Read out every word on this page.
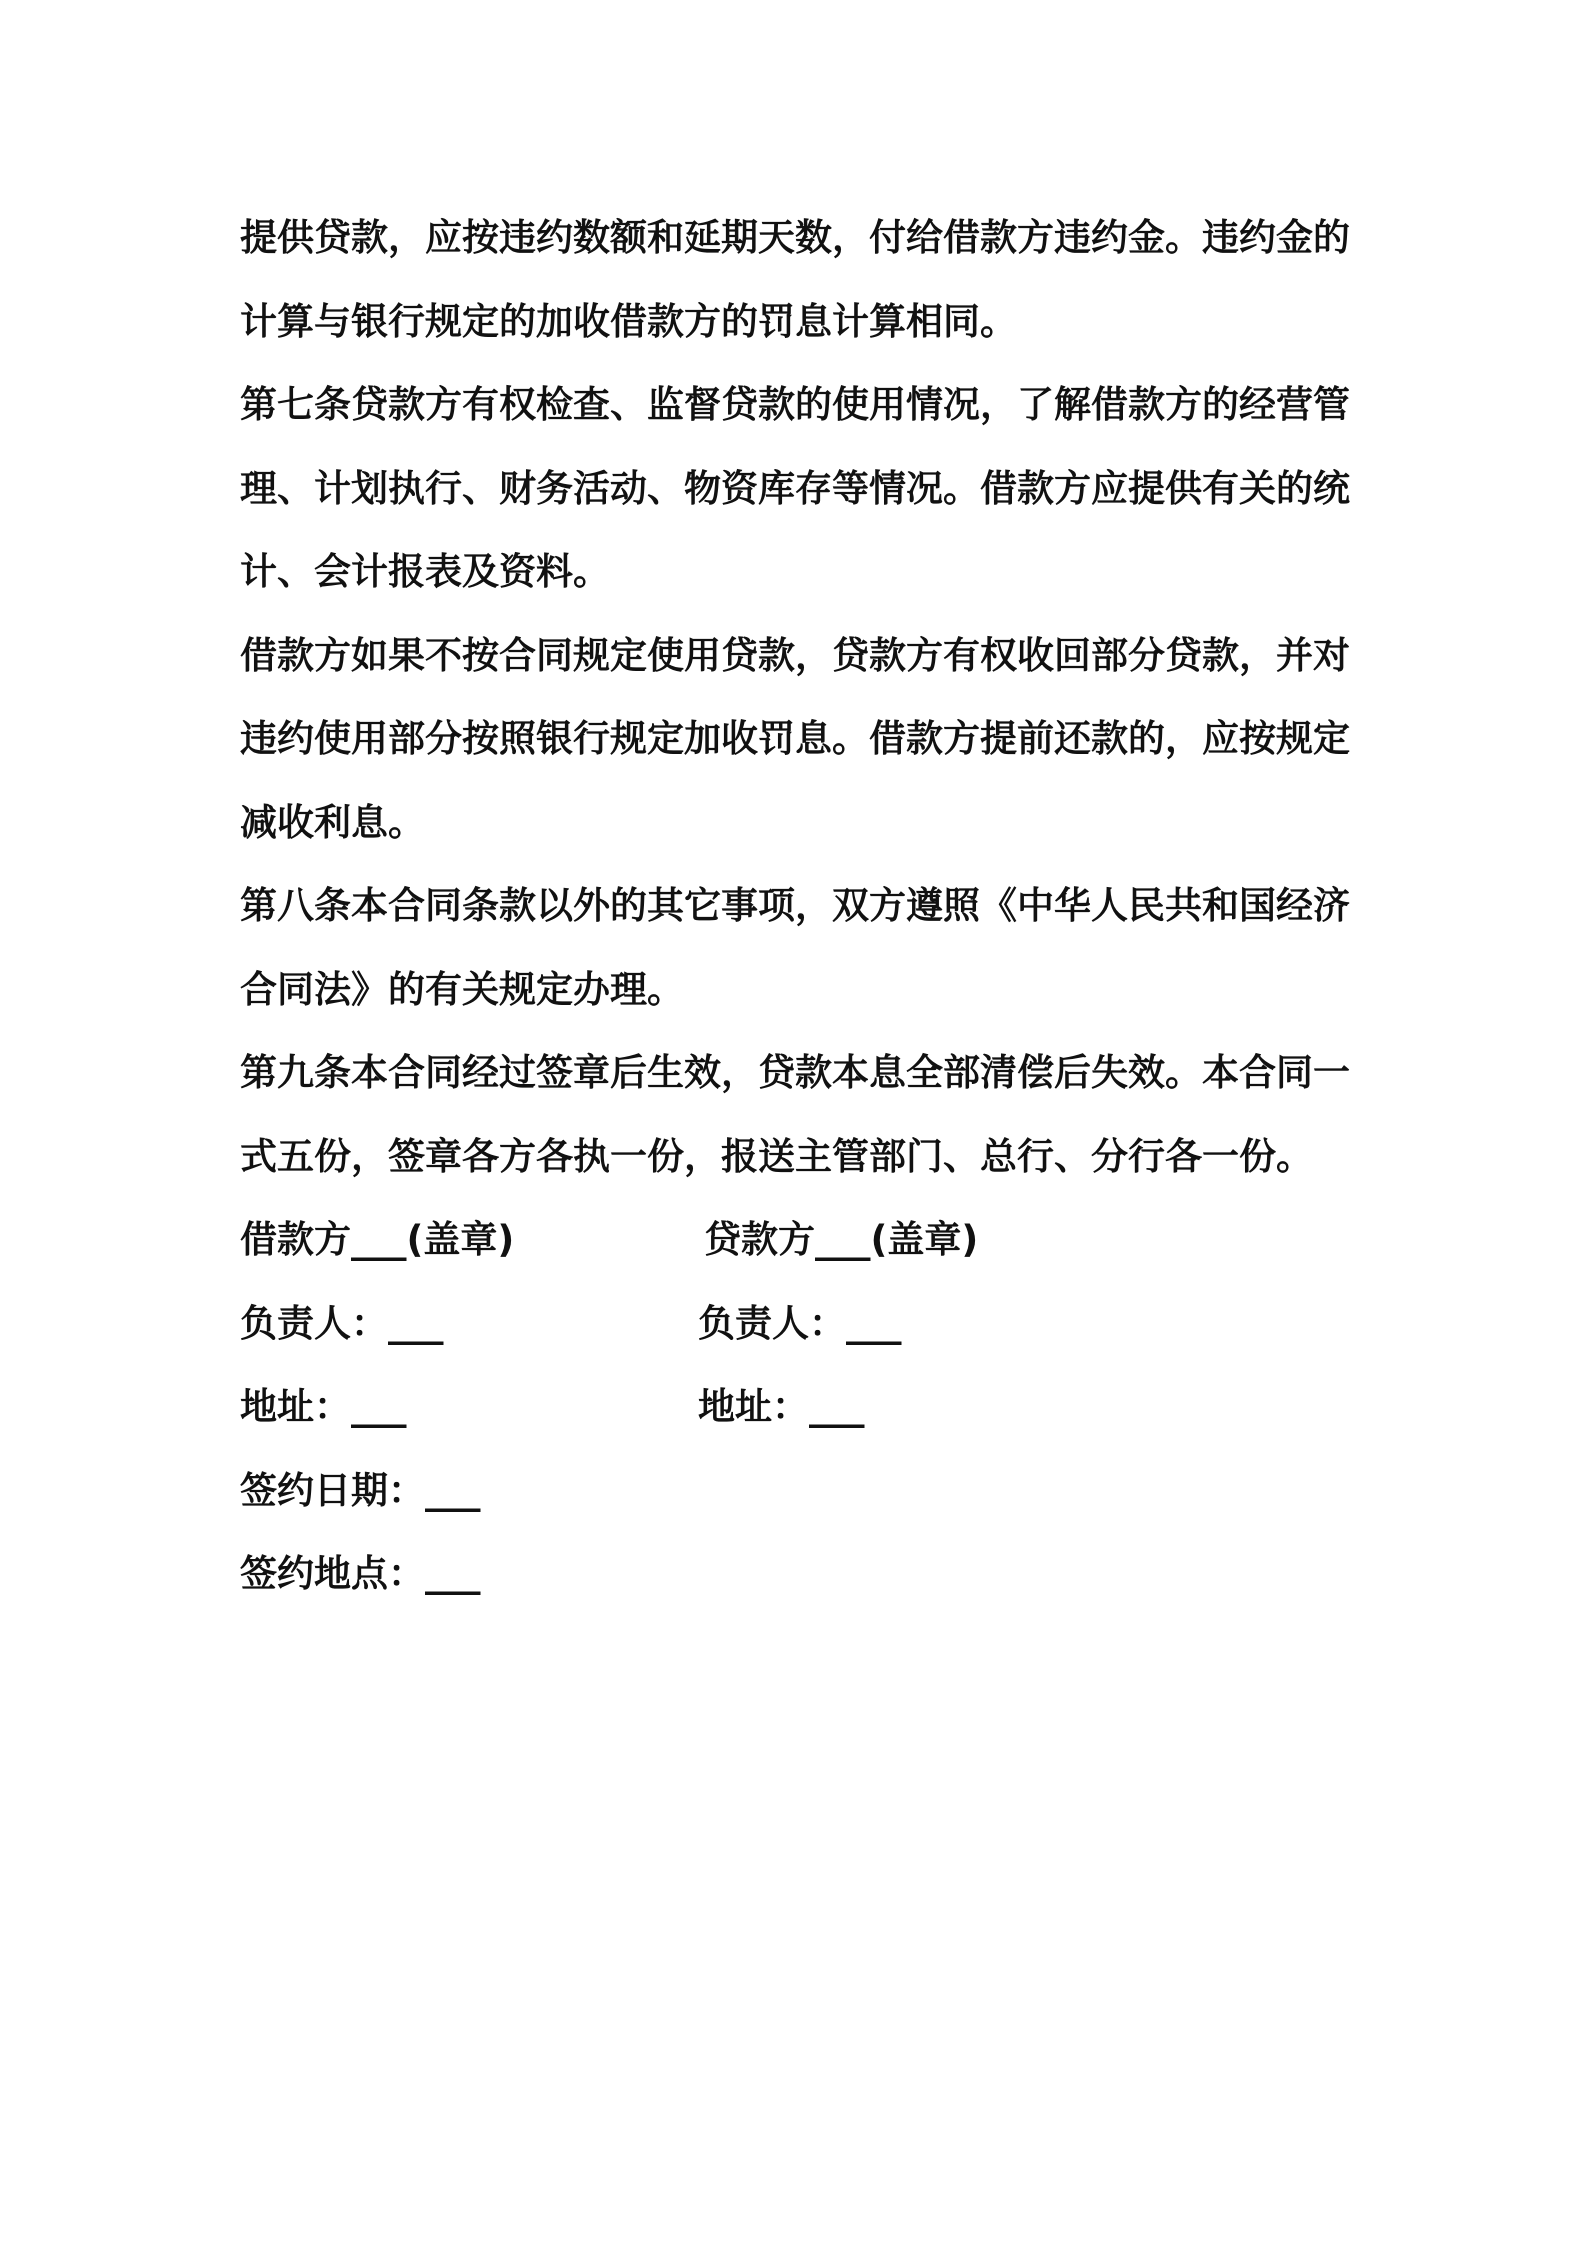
提供贷款，应按违约数额和延期天数，付给借款方违约金。违约金的计算与银行规定的加收借款方的罚息计算相同。

第七条贷款方有权检查、监督贷款的使用情况，了解借款方的经营管理、计划执行、财务活动、物资库存等情况。借款方应提供有关的统计、会计报表及资料。

借款方如果不按合同规定使用贷款，贷款方有权收回部分贷款，并对违约使用部分按照银行规定加收罚息。借款方提前还款的，应按规定减收利息。

第八条本合同条款以外的其它事项，双方遵照《中华人民共和国经济合同法》的有关规定办理。

第九条本合同经过签章后生效，贷款本息全部清偿后失效。本合同一式五份，签章各方各执一份，报送主管部门、总行、分行各一份。

借款方___(盖章)	贷款方___(盖章)
负责人：___	负责人：___
地址：___	地址：___
签约日期：___
签约地点：___
